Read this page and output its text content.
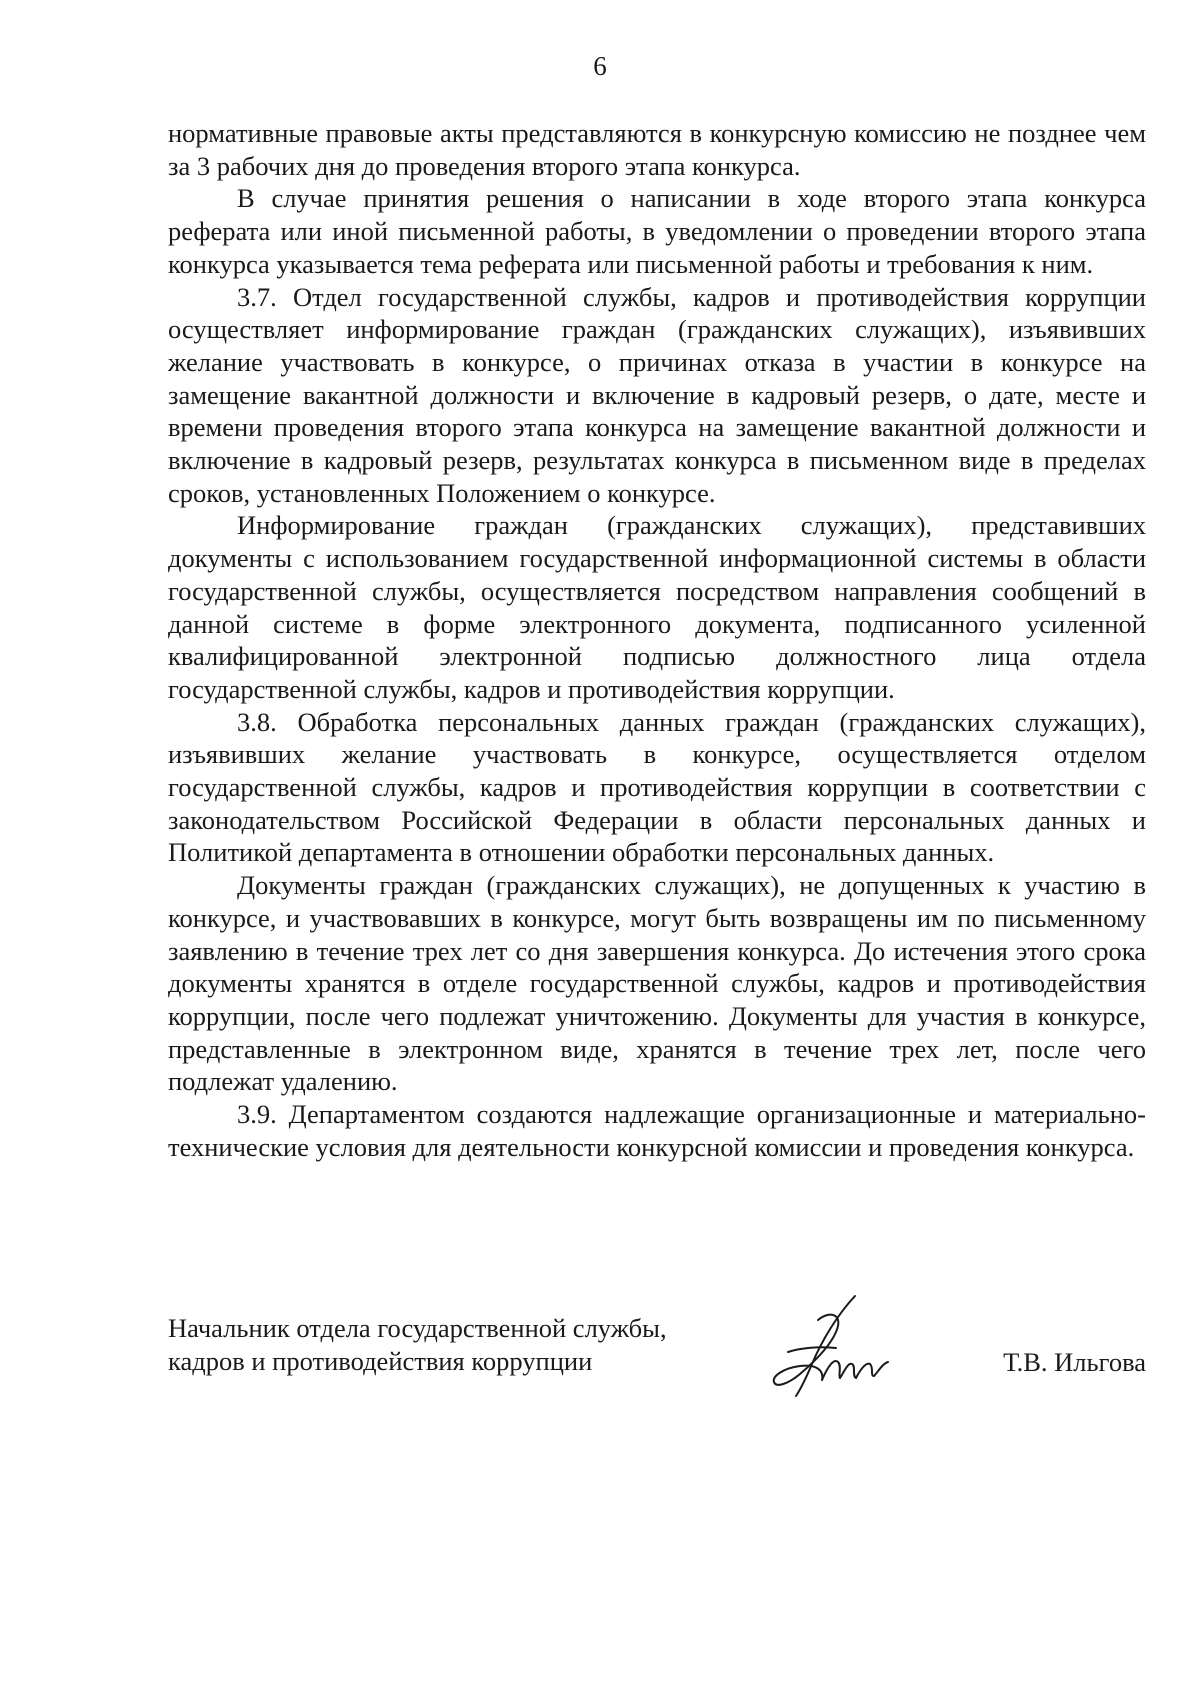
6

нормативные правовые акты представляются в конкурсную комиссию не позднее чем за 3 рабочих дня до проведения второго этапа конкурса.

В случае принятия решения о написании в ходе второго этапа конкурса реферата или иной письменной работы, в уведомлении о проведении второго этапа конкурса указывается тема реферата или письменной работы и требования к ним.

3.7. Отдел государственной службы, кадров и противодействия коррупции осуществляет информирование граждан (гражданских служащих), изъявивших желание участвовать в конкурсе, о причинах отказа в участии в конкурсе на замещение вакантной должности и включение в кадровый резерв, о дате, месте и времени проведения второго этапа конкурса на замещение вакантной должности и включение в кадровый резерв, результатах конкурса в письменном виде в пределах сроков, установленных Положением о конкурсе.

Информирование граждан (гражданских служащих), представивших документы с использованием государственной информационной системы в области государственной службы, осуществляется посредством направления сообщений в данной системе в форме электронного документа, подписанного усиленной квалифицированной электронной подписью должностного лица отдела государственной службы, кадров и противодействия коррупции.

3.8. Обработка персональных данных граждан (гражданских служащих), изъявивших желание участвовать в конкурсе, осуществляется отделом государственной службы, кадров и противодействия коррупции в соответствии с законодательством Российской Федерации в области персональных данных и Политикой департамента в отношении обработки персональных данных.

Документы граждан (гражданских служащих), не допущенных к участию в конкурсе, и участвовавших в конкурсе, могут быть возвращены им по письменному заявлению в течение трех лет со дня завершения конкурса. До истечения этого срока документы хранятся в отделе государственной службы, кадров и противодействия коррупции, после чего подлежат уничтожению. Документы для участия в конкурсе, представленные в электронном виде, хранятся в течение трех лет, после чего подлежат удалению.

3.9. Департаментом создаются надлежащие организационные и материально-технические условия для деятельности конкурсной комиссии и проведения конкурса.

Начальник отдела государственной службы,
кадров и противодействия коррупции	Т.В. Ильгова
